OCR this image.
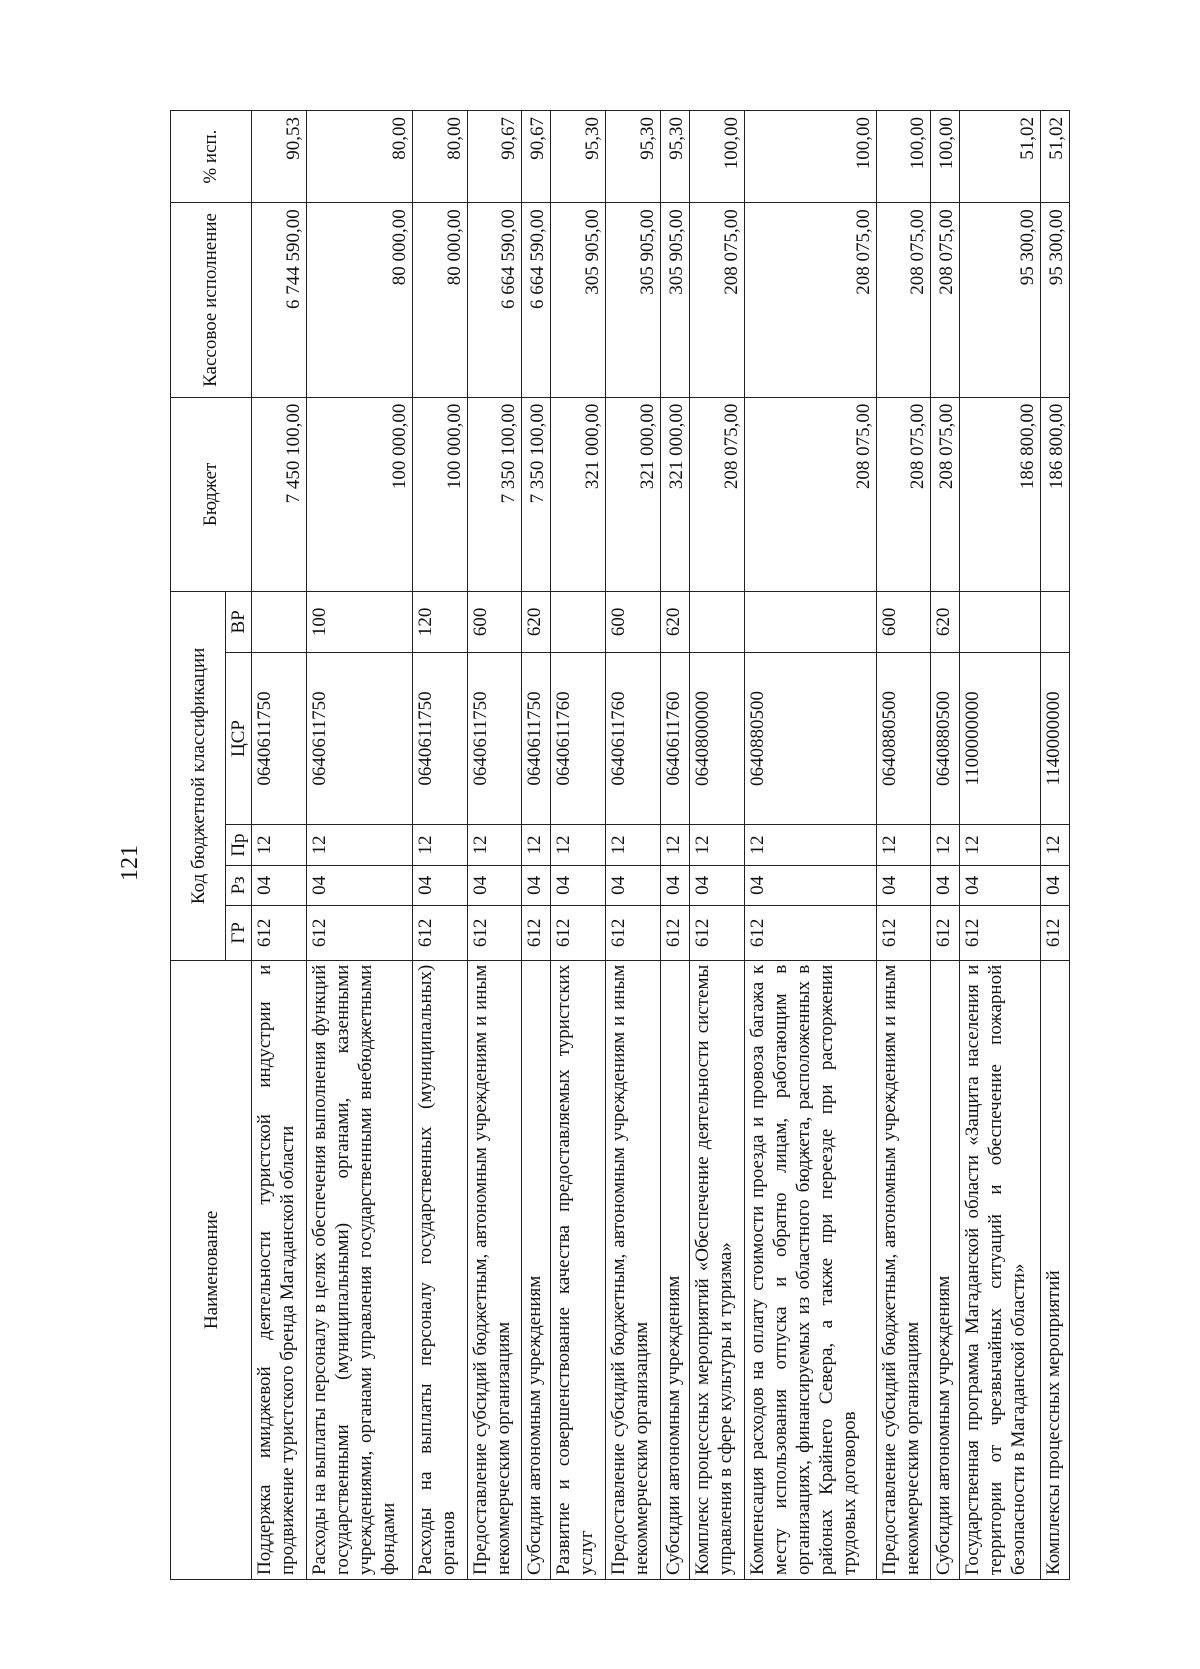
121
Наименование	Код бюджетной классификации					Бюджет	Кассовое исполнение	% исп.
	ГР	Рз	Пр	ЦСР	ВР			
Поддержка имиджевой деятельности туристской индустрии и продвижение туристского бренда Магаданской области	612	04	12	0640611750		7 450 100,00	6 744 590,00	90,53
Расходы на выплаты персоналу в целях обеспечения выполнения функций государственными (муниципальными) органами, казенными учреждениями, органами управления государственными внебюджетными фондами	612	04	12	0640611750	100	100 000,00	80 000,00	80,00
Расходы на выплаты персоналу государственных (муниципальных) органов	612	04	12	0640611750	120	100 000,00	80 000,00	80,00
Предоставление субсидий бюджетным, автономным учреждениям и иным некоммерческим организациям	612	04	12	0640611750	600	7 350 100,00	6 664 590,00	90,67
Субсидии автономным учреждениям	612	04	12	0640611750	620	7 350 100,00	6 664 590,00	90,67
Развитие и совершенствование качества предоставляемых туристских услуг	612	04	12	0640611760		321 000,00	305 905,00	95,30
Предоставление субсидий бюджетным, автономным учреждениям и иным некоммерческим организациям	612	04	12	0640611760	600	321 000,00	305 905,00	95,30
Субсидии автономным учреждениям	612	04	12	0640611760	620	321 000,00	305 905,00	95,30
Комплекс процессных мероприятий «Обеспечение деятельности системы управления в сфере культуры и туризма»	612	04	12	0640800000		208 075,00	208 075,00	100,00
Компенсация расходов на оплату стоимости проезда и провоза багажа к месту использования отпуска и обратно лицам, работающим в организациях, финансируемых из областного бюджета, расположенных в районах Крайнего Севера, а также при переезде при расторжении трудовых договоров	612	04	12	0640880500		208 075,00	208 075,00	100,00
Предоставление субсидий бюджетным, автономным учреждениям и иным некоммерческим организациям	612	04	12	0640880500	600	208 075,00	208 075,00	100,00
Субсидии автономным учреждениям	612	04	12	0640880500	620	208 075,00	208 075,00	100,00
Государственная программа Магаданской области «Защита населения и территории от чрезвычайных ситуаций и обеспечение пожарной безопасности в Магаданской области»	612	04	12	1100000000		186 800,00	95 300,00	51,02
Комплексы процессных мероприятий	612	04	12	1140000000		186 800,00	95 300,00	51,02
